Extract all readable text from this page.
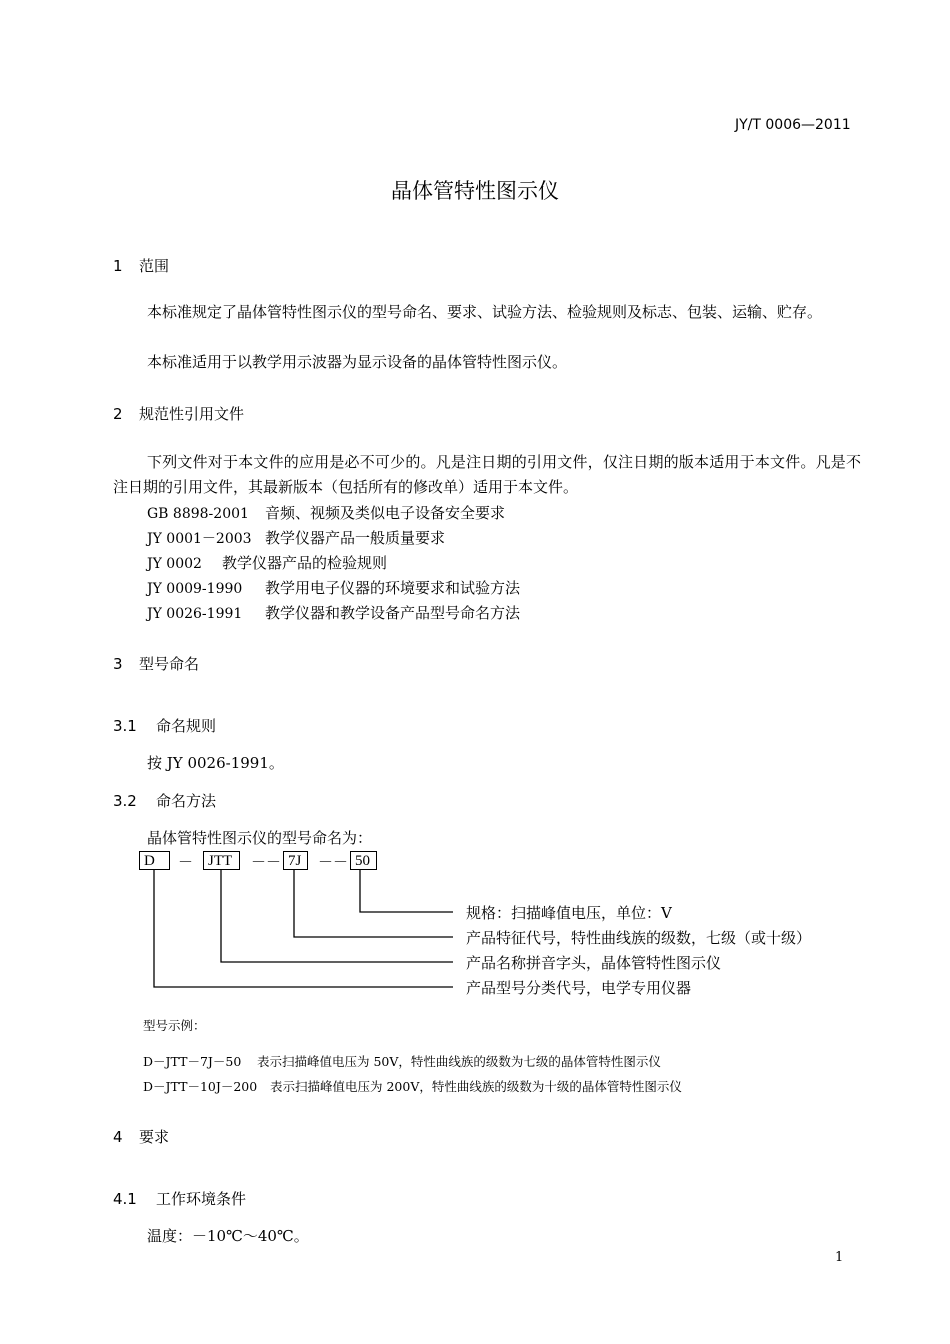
JY/T 0006—2011
晶体管特性图示仪
1 范围
本标准规定了晶体管特性图示仪的型号命名、要求、试验方法、检验规则及标志、包装、运输、贮存。
本标准适用于以教学用示波器为显示设备的晶体管特性图示仪。
2 规范性引用文件
下列文件对于本文件的应用是必不可少的。凡是注日期的引用文件，仅注日期的版本适用于本文件。凡是不注日期的引用文件，其最新版本（包括所有的修改单）适用于本文件。
GB 8898-2001 音频、视频及类似电子设备安全要求
JY 0001－2003 教学仪器产品一般质量要求
JY 0002 教学仪器产品的检验规则
JY 0009-1990 教学用电子仪器的环境要求和试验方法
JY 0026-1991 教学仪器和教学设备产品型号命名方法
3 型号命名
3.1 命名规则
按 JY 0026-1991。
3.2 命名方法
晶体管特性图示仪的型号命名为：
D	－ JTT	－－ 7J	－－ 50
规格：扫描峰值电压，单位：V
产品特征代号，特性曲线族的级数，七级（或十级）
产品名称拼音字头，晶体管特性图示仪
产品型号分类代号，电学专用仪器
型号示例：
D－JTT－7J－50 表示扫描峰值电压为 50V，特性曲线族的级数为七级的晶体管特性图示仪
D－JTT－10J－200 表示扫描峰值电压为 200V，特性曲线族的级数为十级的晶体管特性图示仪
4 要求
4.1 工作环境条件
温度：－10℃～40℃。
1
